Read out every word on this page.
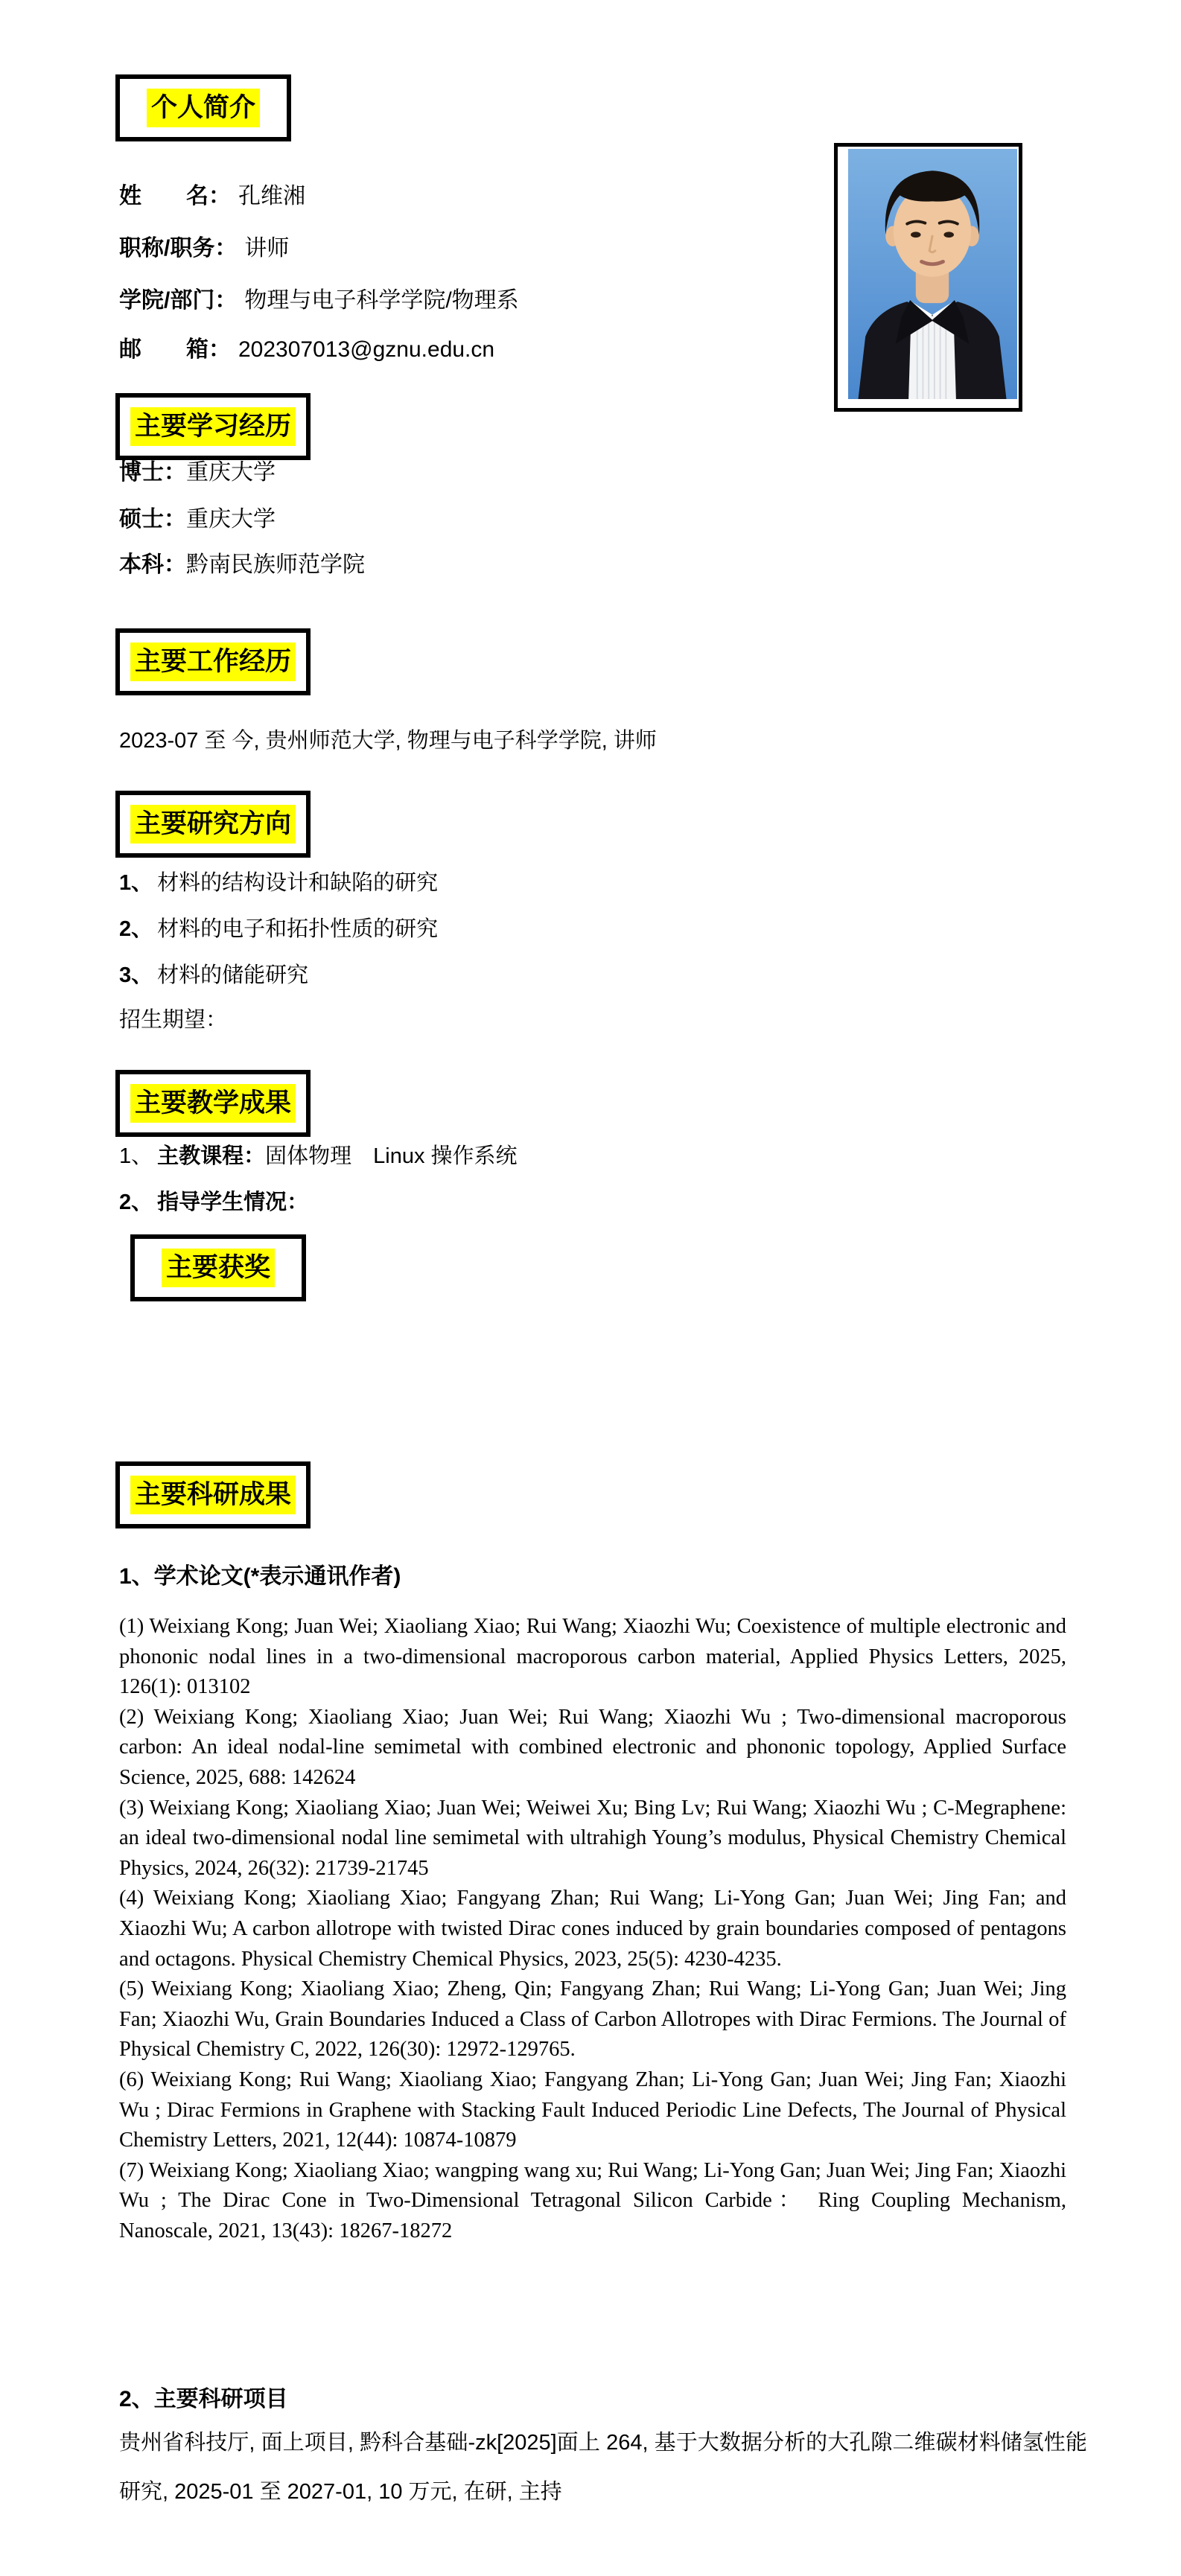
个人简介
姓　　名： 孔维湘
职称/职务： 讲师
学院/部门： 物理与电子科学学院/物理系
邮　　箱： 202307013@gznu.edu.cn
主要学习经历
博士：重庆大学
硕士：重庆大学
本科：黔南民族师范学院
主要工作经历
2023-07 至 今, 贵州师范大学, 物理与电子科学学院, 讲师
主要研究方向
1、 材料的结构设计和缺陷的研究
2、 材料的电子和拓扑性质的研究
3、 材料的储能研究
招生期望：
主要教学成果
1、 主教课程：固体物理　Linux 操作系统
2、 指导学生情况：
主要获奖
主要科研成果
1、学术论文(*表示通讯作者)

(1) Weixiang Kong; Juan Wei; Xiaoliang Xiao; Rui Wang; Xiaozhi Wu; Coexistence of multiple electronic and phononic nodal lines in a two-dimensional macroporous carbon material, Applied Physics Letters, 2025, 126(1): 013102

(2) Weixiang Kong; Xiaoliang Xiao; Juan Wei; Rui Wang; Xiaozhi Wu ; Two-dimensional macroporous carbon: An ideal nodal-line semimetal with combined electronic and phononic topology, Applied Surface Science, 2025, 688: 142624

(3) Weixiang Kong; Xiaoliang Xiao; Juan Wei; Weiwei Xu; Bing Lv; Rui Wang; Xiaozhi Wu ; C-Megraphene: an ideal two-dimensional nodal line semimetal with ultrahigh Young’s modulus, Physical Chemistry Chemical Physics, 2024, 26(32): 21739-21745

(4) Weixiang Kong; Xiaoliang Xiao; Fangyang Zhan; Rui Wang; Li-Yong Gan; Juan Wei; Jing Fan; and Xiaozhi Wu; A carbon allotrope with twisted Dirac cones induced by grain boundaries composed of pentagons and octagons. Physical Chemistry Chemical Physics, 2023, 25(5): 4230-4235.

(5) Weixiang Kong; Xiaoliang Xiao; Zheng, Qin; Fangyang Zhan; Rui Wang; Li-Yong Gan; Juan Wei; Jing Fan; Xiaozhi Wu, Grain Boundaries Induced a Class of Carbon Allotropes with Dirac Fermions. The Journal of Physical Chemistry C, 2022, 126(30): 12972-129765.

(6) Weixiang Kong; Rui Wang; Xiaoliang Xiao; Fangyang Zhan; Li-Yong Gan; Juan Wei; Jing Fan; Xiaozhi Wu ; Dirac Fermions in Graphene with Stacking Fault Induced Periodic Line Defects, The Journal of Physical Chemistry Letters, 2021, 12(44): 10874-10879

(7) Weixiang Kong; Xiaoliang Xiao; wangping wang xu; Rui Wang; Li-Yong Gan; Juan Wei; Jing Fan; Xiaozhi Wu ; The Dirac Cone in Two-Dimensional Tetragonal Silicon Carbide： Ring Coupling Mechanism, Nanoscale, 2021, 13(43): 18267-18272

2、主要科研项目
贵州省科技厅, 面上项目, 黔科合基础-zk[2025]面上 264, 基于大数据分析的大孔隙二维碳材料储氢性能研究, 2025-01 至 2027-01, 10 万元, 在研, 主持
